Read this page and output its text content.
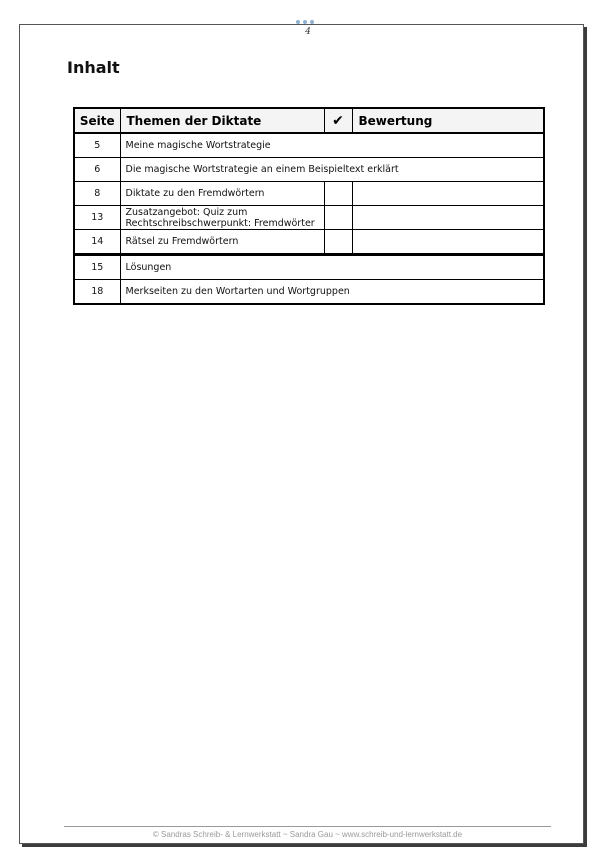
4
Inhalt
Seite	Themen der Diktate	✔	Bewertung
5	Meine magische Wortstrategie		
6	Die magische Wortstrategie an einem Beispieltext erklärt		
8	Diktate zu den Fremdwörtern		
13	Zusatzangebot: Quiz zum Rechtschreibschwerpunkt: Fremdwörter		
14	Rätsel zu Fremdwörtern		
15	Lösungen		
18	Merkseiten zu den Wortarten und Wortgruppen		
© Sandras Schreib- & Lernwerkstatt ~ Sandra Gau ~ www.schreib-und-lernwerkstatt.de
